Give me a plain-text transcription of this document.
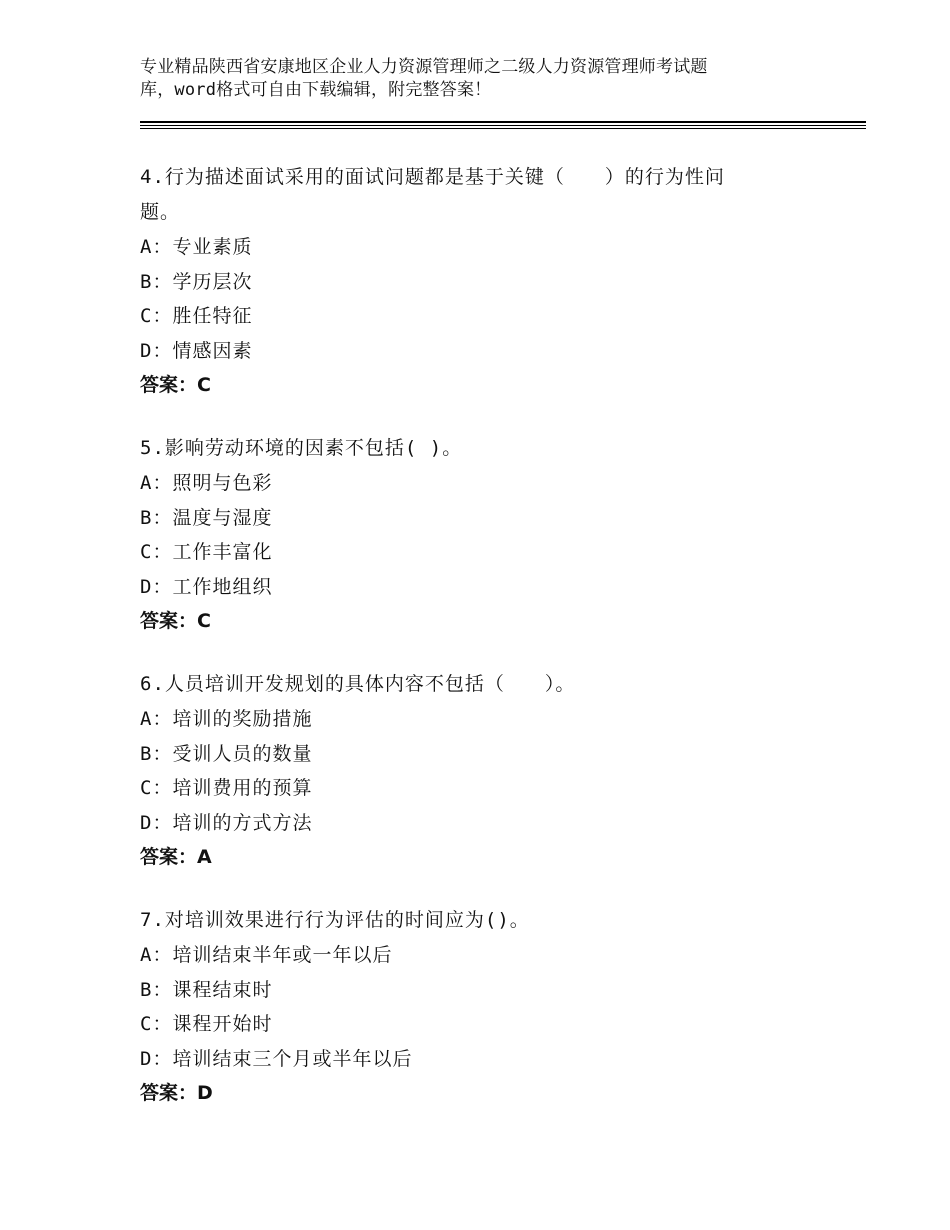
专业精品陕西省安康地区企业人力资源管理师之二级人力资源管理师考试题
库，word格式可自由下载编辑，附完整答案！
4.行为描述面试采用的面试问题都是基于关键（　　）的行为性问
题。
A：专业素质
B：学历层次
C：胜任特征
D：情感因素
答案：C
5.影响劳动环境的因素不包括( )。
A：照明与色彩
B：温度与湿度
C：工作丰富化
D：工作地组织
答案：C
6.人员培训开发规划的具体内容不包括（　　）。
A：培训的奖励措施
B：受训人员的数量
C：培训费用的预算
D：培训的方式方法
答案：A
7.对培训效果进行行为评估的时间应为()。
A：培训结束半年或一年以后
B：课程结束时
C：课程开始时
D：培训结束三个月或半年以后
答案：D
